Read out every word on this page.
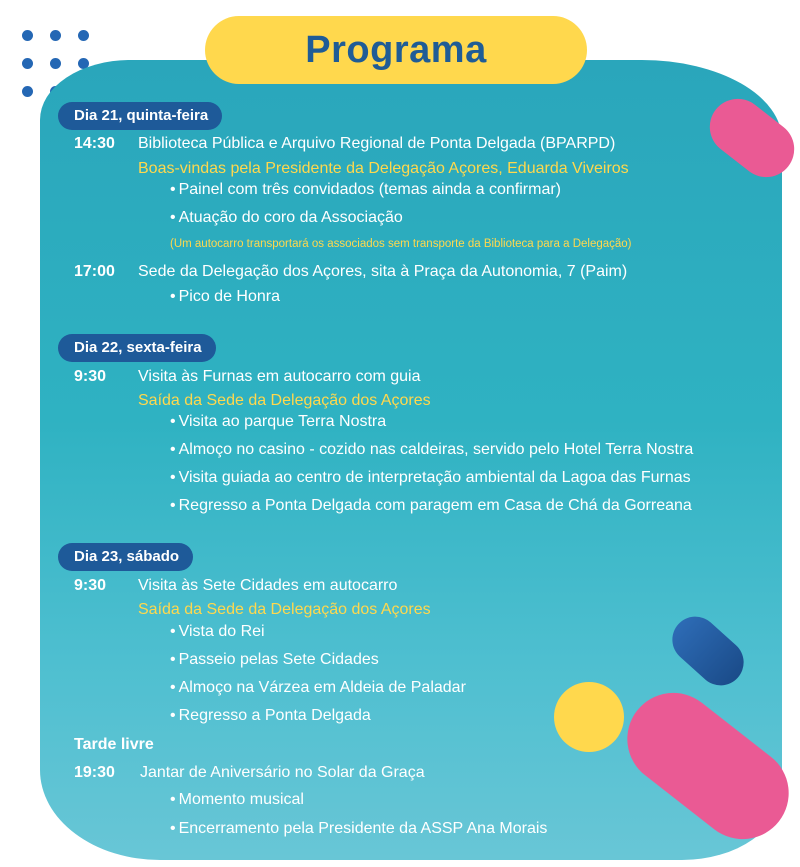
Programa
Dia 21, quinta-feira
14:30 Biblioteca Pública e Arquivo Regional de Ponta Delgada (BPARPD)
Boas-vindas pela Presidente da Delegação Açores, Eduarda Viveiros
• Painel com três convidados (temas ainda a confirmar)
• Atuação do coro da Associação
(Um autocarro transportará os associados sem transporte da Biblioteca para a Delegação)
17:00 Sede da Delegação dos Açores, sita à Praça da Autonomia, 7 (Paim)
• Pico de Honra
Dia 22, sexta-feira
9:30 Visita às Furnas em autocarro com guia
Saída da Sede da Delegação dos Açores
• Visita ao parque Terra Nostra
• Almoço no casino - cozido nas caldeiras, servido pelo Hotel Terra Nostra
• Visita guiada ao centro de interpretação ambiental da Lagoa das Furnas
• Regresso a Ponta Delgada com paragem em Casa de Chá da Gorreana
Dia 23, sábado
9:30 Visita às Sete Cidades em autocarro
Saída da Sede da Delegação dos Açores
• Vista do Rei
• Passeio pelas Sete Cidades
• Almoço na Várzea em Aldeia de Paladar
• Regresso a Ponta Delgada
Tarde livre
19:30 Jantar de Aniversário no Solar da Graça
• Momento musical
• Encerramento pela Presidente da ASSP Ana Morais
